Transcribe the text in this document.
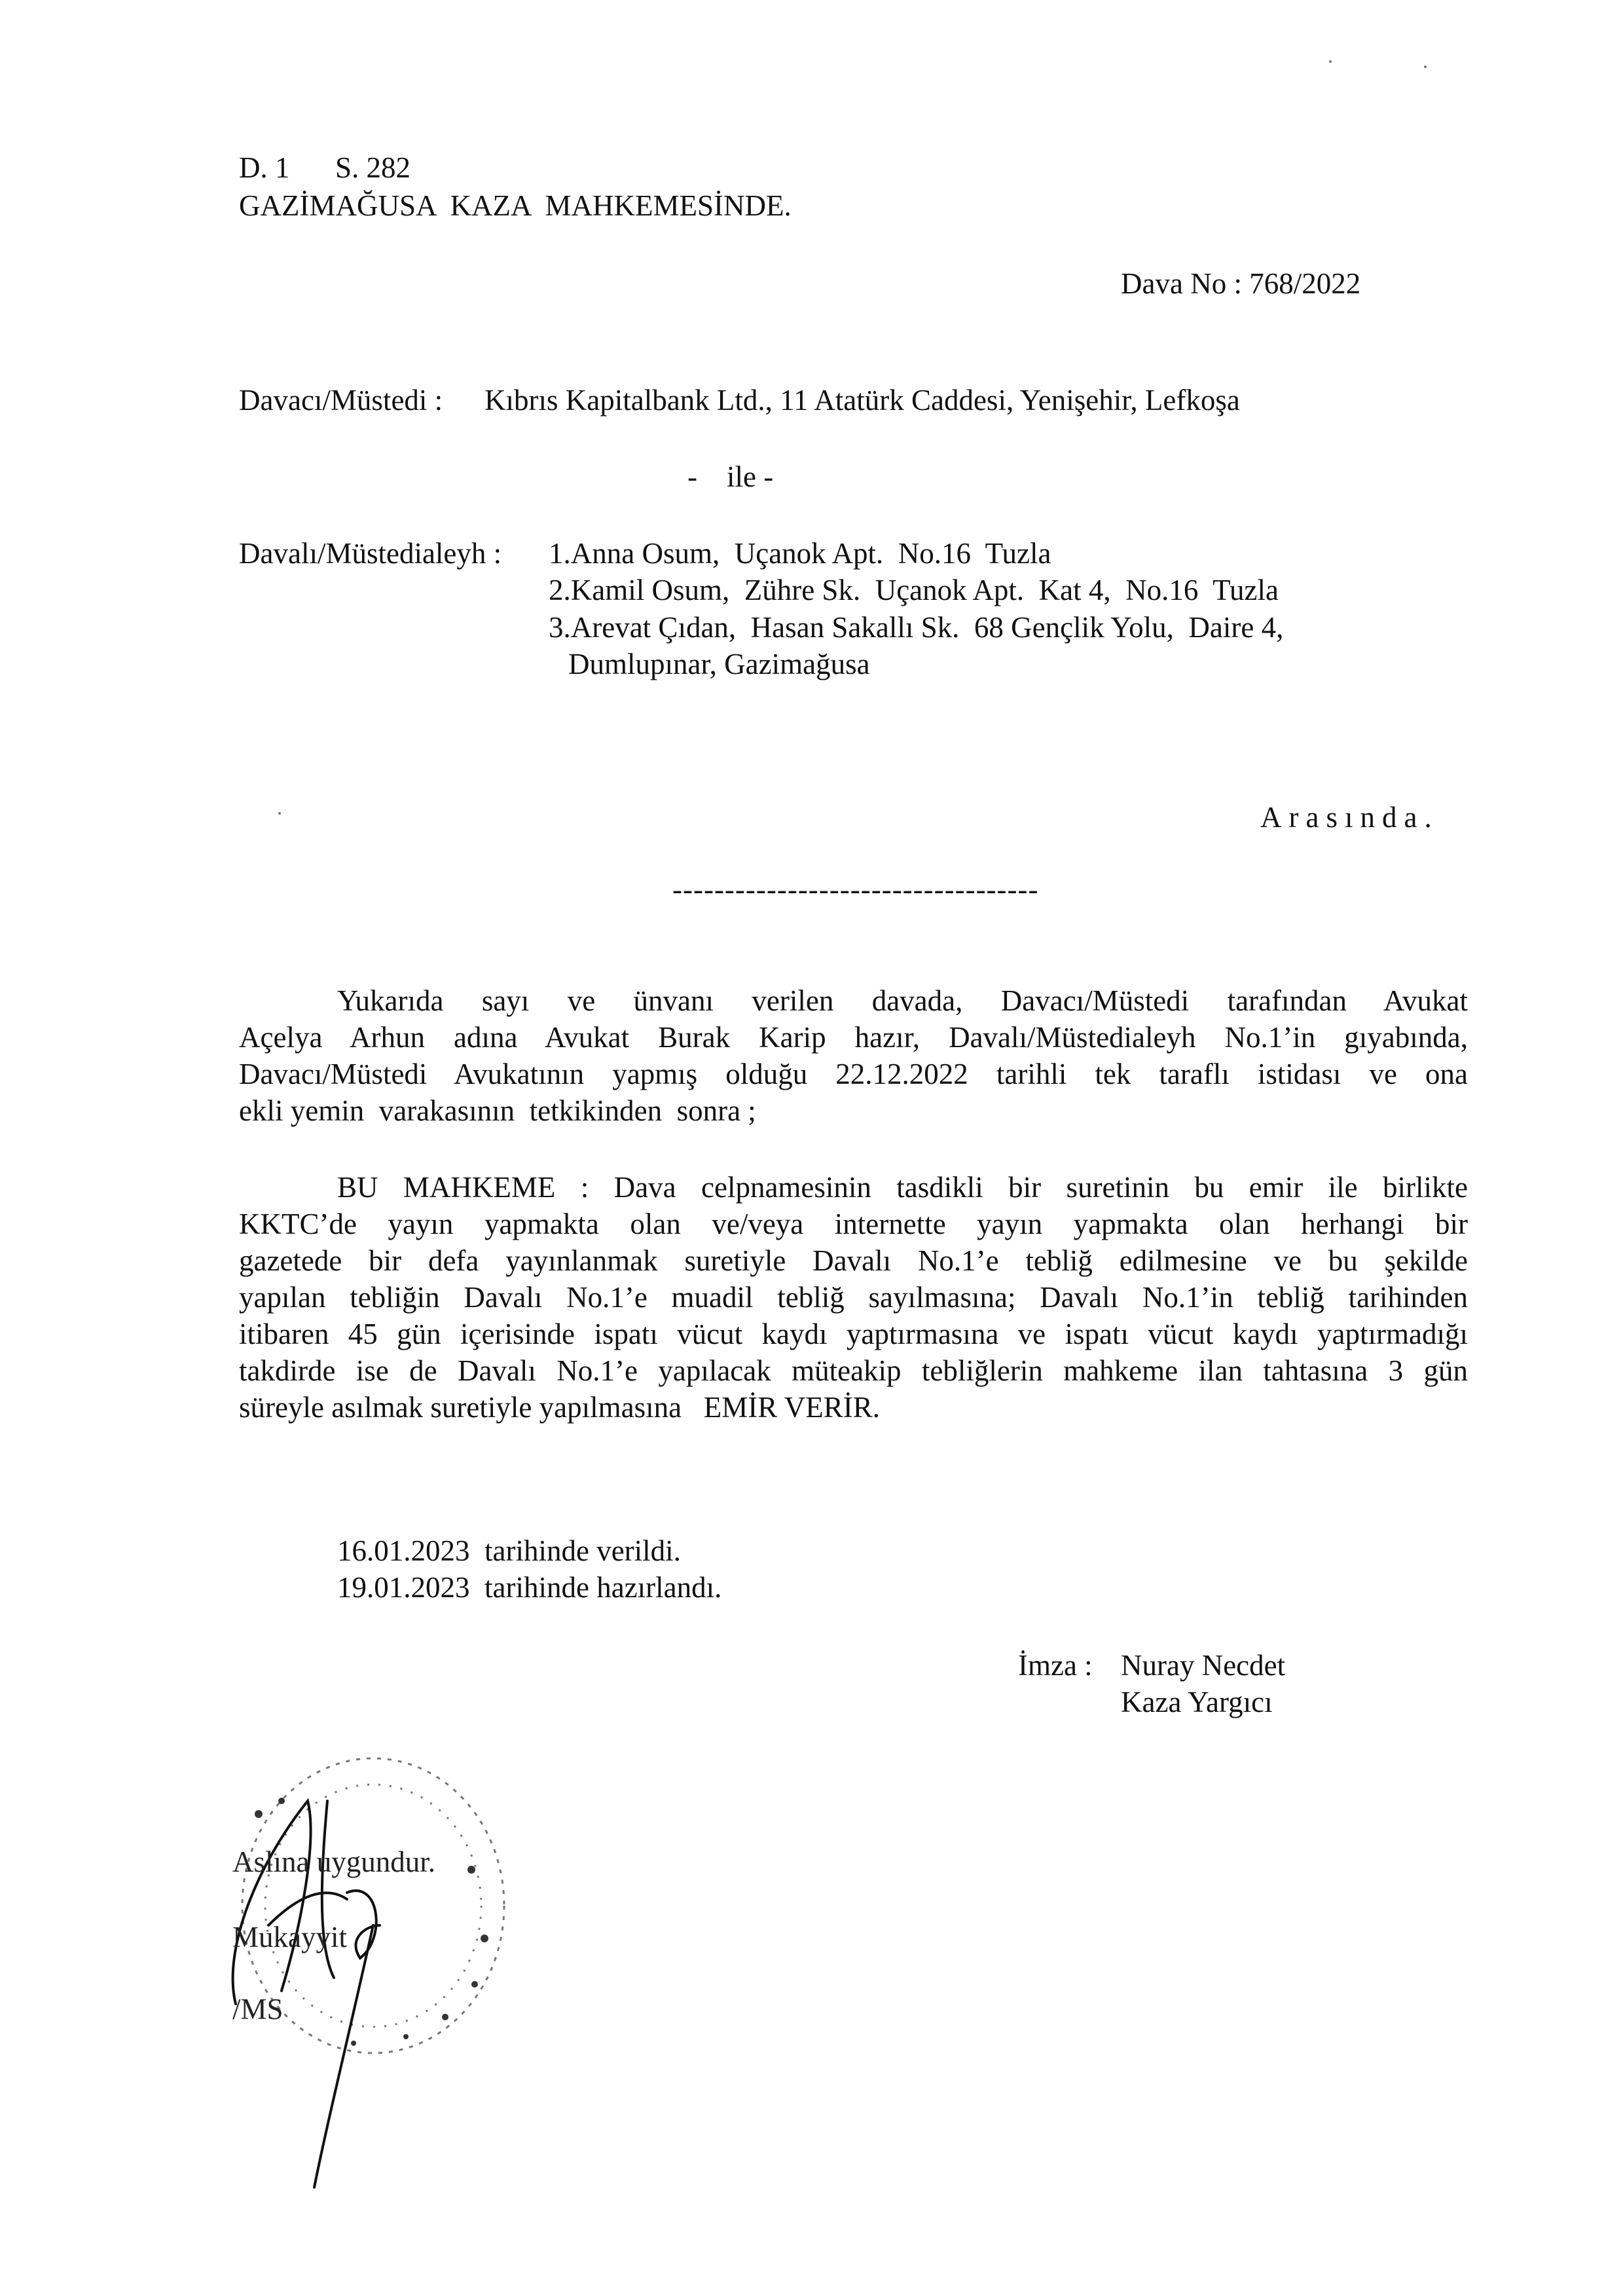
D. 1 S. 282
GAZİMAĞUSA  KAZA  MAHKEMESİNDE.
Dava No : 768/2022
Davacı/Müstedi : Kıbrıs Kapitalbank Ltd., 11 Atatürk Caddesi, Yenişehir, Lefkoşa
-    ile -
Davalı/Müstedialeyh : 1.Anna Osum,  Uçanok Apt.  No.16  Tuzla
2.Kamil Osum,  Zühre Sk.  Uçanok Apt.  Kat 4,  No.16  Tuzla
3.Arevat Çıdan,  Hasan Sakallı Sk.  68 Gençlik Yolu,  Daire 4,
Dumlupınar, Gazimağusa
Arasında.
-----------------------------------
Yukarıda sayı ve ünvanı verilen davada, Davacı/Müstedi tarafından Avukat
Açelya Arhun adına Avukat Burak Karip hazır, Davalı/Müstedialeyh No.1’in gıyabında,
Davacı/Müstedi Avukatının yapmış olduğu 22.12.2022 tarihli tek taraflı istidası ve ona
ekli yemin  varakasının  tetkikinden  sonra ;
BU MAHKEME : Dava celpnamesinin tasdikli bir suretinin bu emir ile birlikte
KKTC’de yayın yapmakta olan ve/veya internette yayın yapmakta olan herhangi bir
gazetede bir defa yayınlanmak suretiyle Davalı No.1’e tebliğ edilmesine ve bu şekilde
yapılan tebliğin Davalı No.1’e muadil tebliğ sayılmasına; Davalı No.1’in tebliğ tarihinden
itibaren 45 gün içerisinde ispatı vücut kaydı yaptırmasına ve ispatı vücut kaydı yaptırmadığı
takdirde ise de Davalı No.1’e yapılacak müteakip tebliğlerin mahkeme ilan tahtasına 3 gün
süreyle asılmak suretiyle yapılmasına   EMİR VERİR.
16.01.2023  tarihinde verildi.
19.01.2023  tarihinde hazırlandı.
İmza : Nuray Necdet
Kaza Yargıcı
Aslına uygundur.
Mukayyit
/MS
